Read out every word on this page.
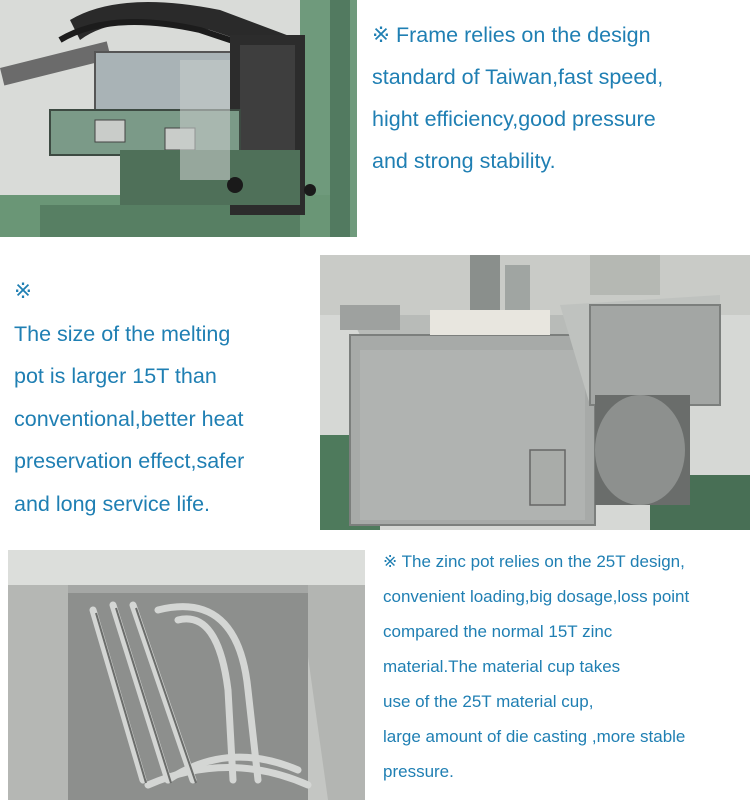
※ Frame relies on the design

standard of Taiwan,fast speed,

hight efficiency,good pressure

and strong stability.

※

The size of the melting

pot is larger 15T than

conventional,better heat

preservation effect,safer

and long service life.

※ The zinc pot relies on the 25T design,

convenient loading,big dosage,loss point

compared the normal 15T zinc

material.The material cup takes

use of the 25T material cup,

large amount of die casting ,more stable

pressure.
